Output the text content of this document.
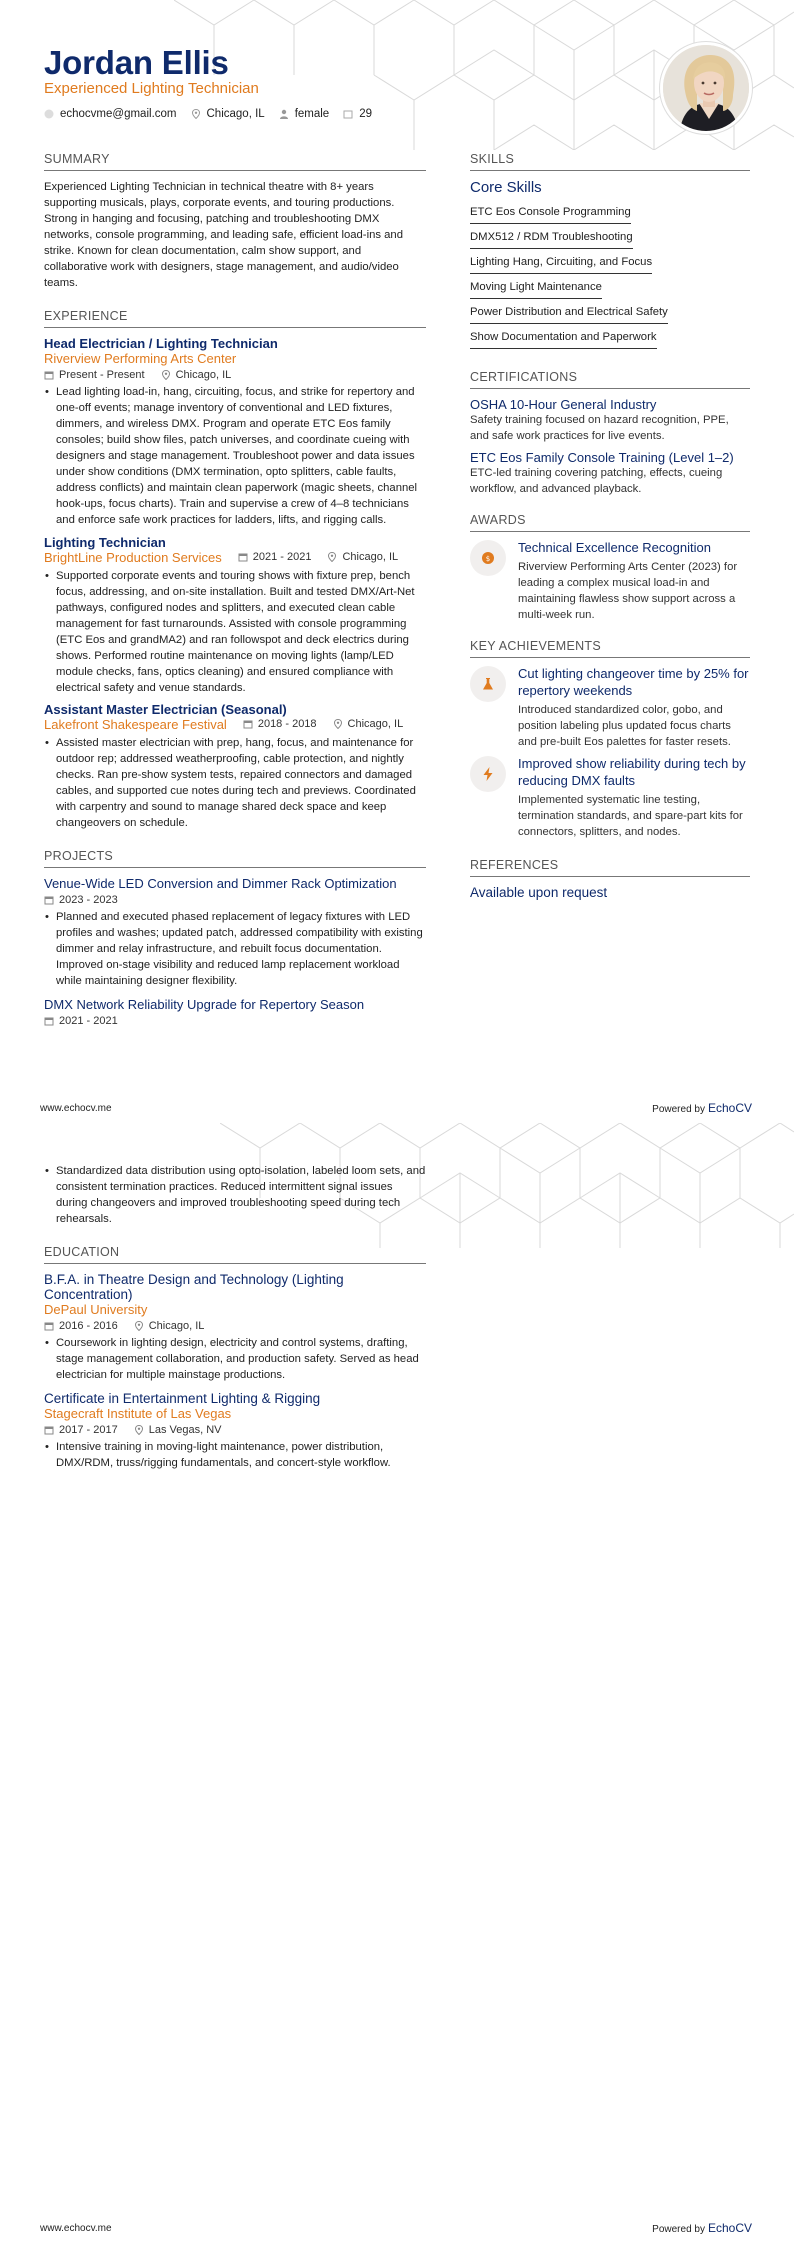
Jordan Ellis
Experienced Lighting Technician
echocvme@gmail.com	Chicago, IL	female	29
SUMMARY
Experienced Lighting Technician in technical theatre with 8+ years supporting musicals, plays, corporate events, and touring productions. Strong in hanging and focusing, patching and troubleshooting DMX networks, console programming, and leading safe, efficient load-ins and strike. Known for clean documentation, calm show support, and collaborative work with designers, stage management, and audio/video teams.
EXPERIENCE
Head Electrician / Lighting Technician
Riverview Performing Arts Center
Present - Present	Chicago, IL
• Lead lighting load-in, hang, circuiting, focus, and strike for repertory and one-off events; manage inventory of conventional and LED fixtures, dimmers, and wireless DMX. Program and operate ETC Eos family consoles; build show files, patch universes, and coordinate cueing with designers and stage management. Troubleshoot power and data issues under show conditions (DMX termination, opto splitters, cable faults, address conflicts) and maintain clean paperwork (magic sheets, channel hook-ups, focus charts). Train and supervise a crew of 4–8 technicians and enforce safe work practices for ladders, lifts, and rigging calls.
Lighting Technician
BrightLine Production Services	2021 - 2021	Chicago, IL
• Supported corporate events and touring shows with fixture prep, bench focus, addressing, and on-site installation. Built and tested DMX/Art-Net pathways, configured nodes and splitters, and executed clean cable management for fast turnarounds. Assisted with console programming (ETC Eos and grandMA2) and ran followspot and deck electrics during shows. Performed routine maintenance on moving lights (lamp/LED module checks, fans, optics cleaning) and ensured compliance with electrical safety and venue standards.
Assistant Master Electrician (Seasonal)
Lakefront Shakespeare Festival	2018 - 2018	Chicago, IL
• Assisted master electrician with prep, hang, focus, and maintenance for outdoor rep; addressed weatherproofing, cable protection, and nightly checks. Ran pre-show system tests, repaired connectors and damaged cables, and supported cue notes during tech and previews. Coordinated with carpentry and sound to manage shared deck space and keep changeovers on schedule.
PROJECTS
Venue-Wide LED Conversion and Dimmer Rack Optimization
2023 - 2023
• Planned and executed phased replacement of legacy fixtures with LED profiles and washes; updated patch, addressed compatibility with existing dimmer and relay infrastructure, and rebuilt focus documentation. Improved on-stage visibility and reduced lamp replacement workload while maintaining designer flexibility.
DMX Network Reliability Upgrade for Repertory Season
2021 - 2021
SKILLS
Core Skills
ETC Eos Console Programming
DMX512 / RDM Troubleshooting
Lighting Hang, Circuiting, and Focus
Moving Light Maintenance
Power Distribution and Electrical Safety
Show Documentation and Paperwork
CERTIFICATIONS
OSHA 10-Hour General Industry
Safety training focused on hazard recognition, PPE, and safe work practices for live events.
ETC Eos Family Console Training (Level 1–2)
ETC-led training covering patching, effects, cueing workflow, and advanced playback.
AWARDS
$
Technical Excellence Recognition
Riverview Performing Arts Center (2023) for leading a complex musical load-in and maintaining flawless show support across a multi-week run.
KEY ACHIEVEMENTS
Cut lighting changeover time by 25% for repertory weekends
Introduced standardized color, gobo, and position labeling plus updated focus charts and pre-built Eos palettes for faster resets.
Improved show reliability during tech by reducing DMX faults
Implemented systematic line testing, termination standards, and spare-part kits for connectors, splitters, and nodes.
REFERENCES
Available upon request
www.echocv.me	Powered by EchoCV
• Standardized data distribution using opto-isolation, labeled loom sets, and consistent termination practices. Reduced intermittent signal issues during changeovers and improved troubleshooting speed during tech rehearsals.
EDUCATION
B.F.A. in Theatre Design and Technology (Lighting Concentration)
DePaul University
2016 - 2016	Chicago, IL
• Coursework in lighting design, electricity and control systems, drafting, stage management collaboration, and production safety. Served as head electrician for multiple mainstage productions.
Certificate in Entertainment Lighting & Rigging
Stagecraft Institute of Las Vegas
2017 - 2017	Las Vegas, NV
• Intensive training in moving-light maintenance, power distribution, DMX/RDM, truss/rigging fundamentals, and concert-style workflow.
www.echocv.me	Powered by EchoCV
